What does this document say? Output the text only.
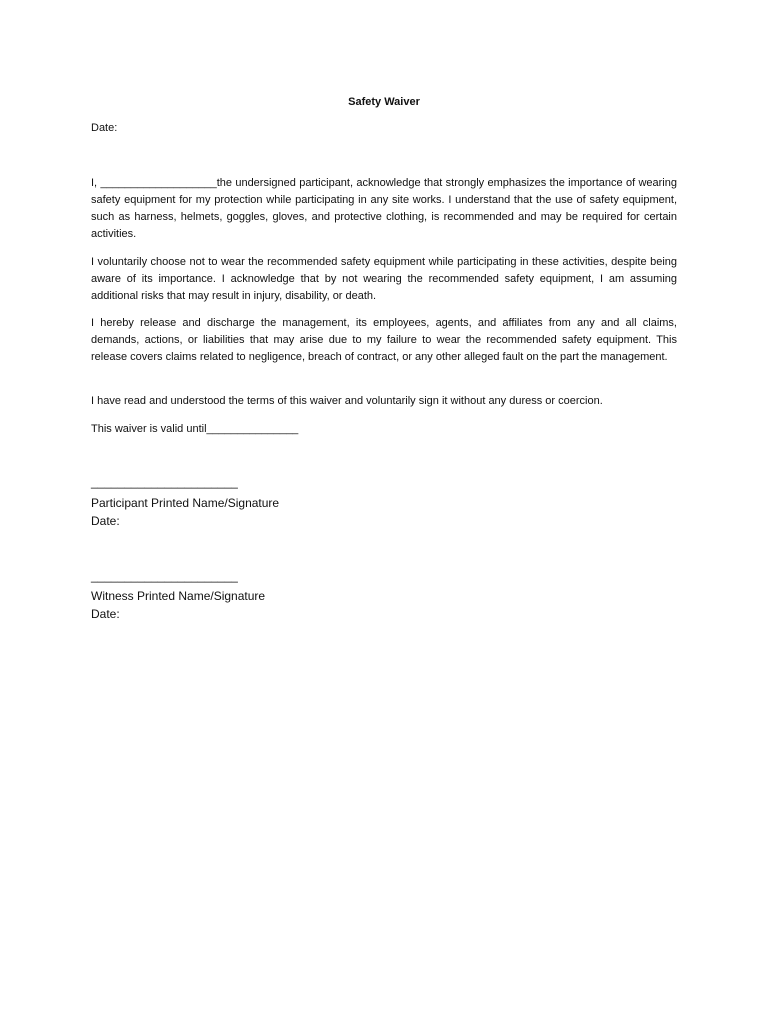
Safety Waiver
Date:

I, ___________________the undersigned participant, acknowledge that strongly emphasizes the importance of wearing safety equipment for my protection while participating in any site works. I understand that the use of safety equipment, such as harness, helmets, goggles, gloves, and protective clothing, is recommended and may be required for certain activities.

I voluntarily choose not to wear the recommended safety equipment while participating in these activities, despite being aware of its importance. I acknowledge that by not wearing the recommended safety equipment, I am assuming additional risks that may result in injury, disability, or death.

I hereby release and discharge the management, its employees, agents, and affiliates from any and all claims, demands, actions, or liabilities that may arise due to my failure to wear the recommended safety equipment. This release covers claims related to negligence, breach of contract, or any other alleged fault on the part the management.

I have read and understood the terms of this waiver and voluntarily sign it without any duress or coercion.

This waiver is valid until_______________

______________________
Participant Printed Name/Signature
Date:
______________________
Witness Printed Name/Signature
Date:
